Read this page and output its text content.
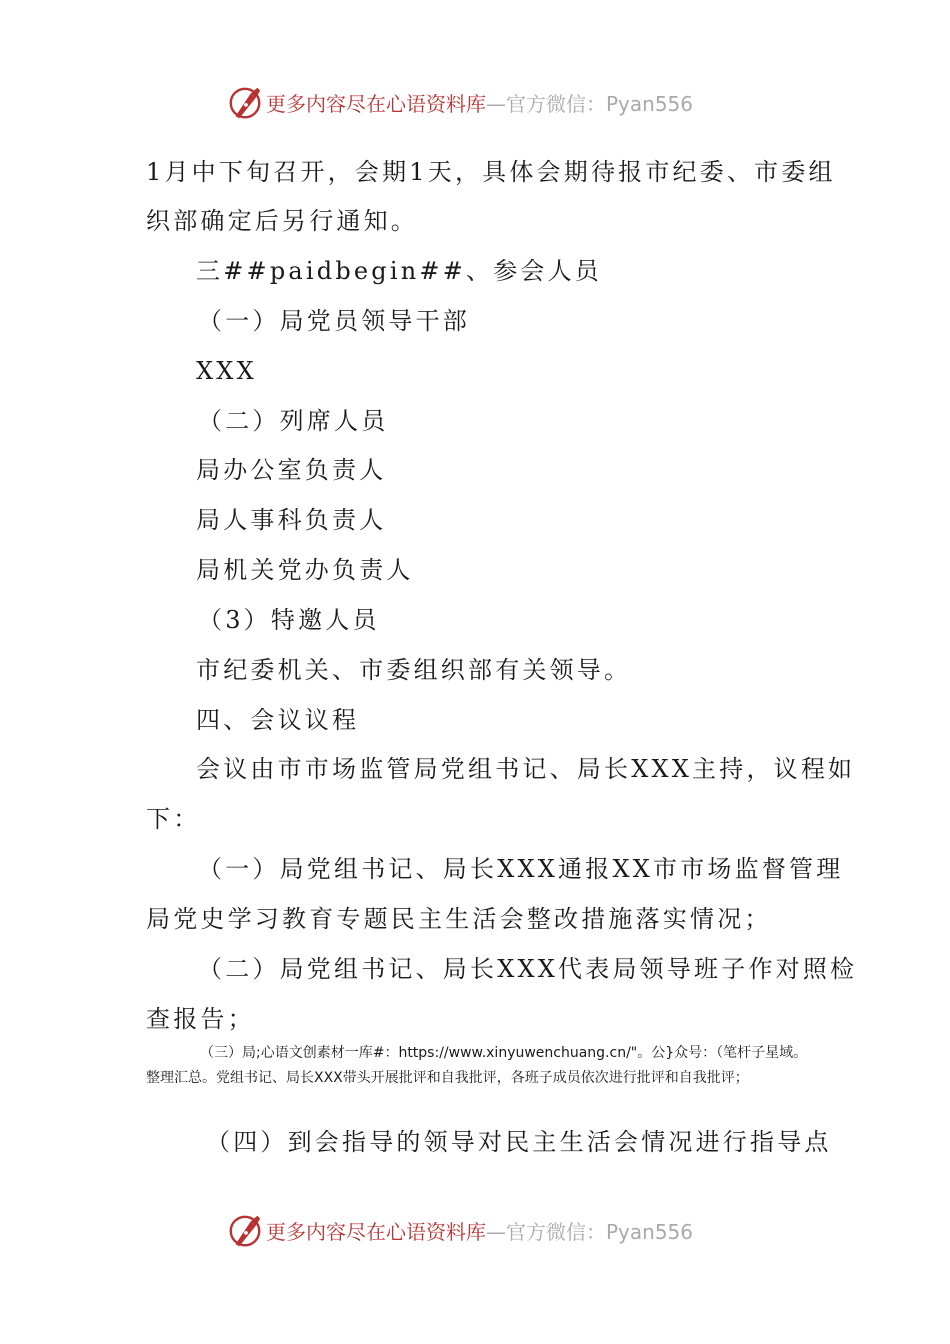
更多内容尽在心语资料库—官方微信：Pyan556
1月中下旬召开，会期1天，具体会期待报市纪委、市委组
织部确定后另行通知。
三##paidbegin##、参会人员
（一）局党员领导干部
XXX
（二）列席人员
局办公室负责人
局人事科负责人
局机关党办负责人
（3）特邀人员
市纪委机关、市委组织部有关领导。
四、会议议程
会议由市市场监管局党组书记、局长XXX主持，议程如
下：
（一）局党组书记、局长XXX通报XX市市场监督管理
局党史学习教育专题民主生活会整改措施落实情况；
（二）局党组书记、局长XXX代表局领导班子作对照检
查报告；
（三）局;心语文创素材一库#：https://www.xinyuwenchuang.cn/"。公}众号：（笔杆子星域。整理汇总。党组书记、局长XXX带头开展批评和自我批评，各班子成员依次进行批评和自我批评；
（四）到会指导的领导对民主生活会情况进行指导点
更多内容尽在心语资料库—官方微信：Pyan556
